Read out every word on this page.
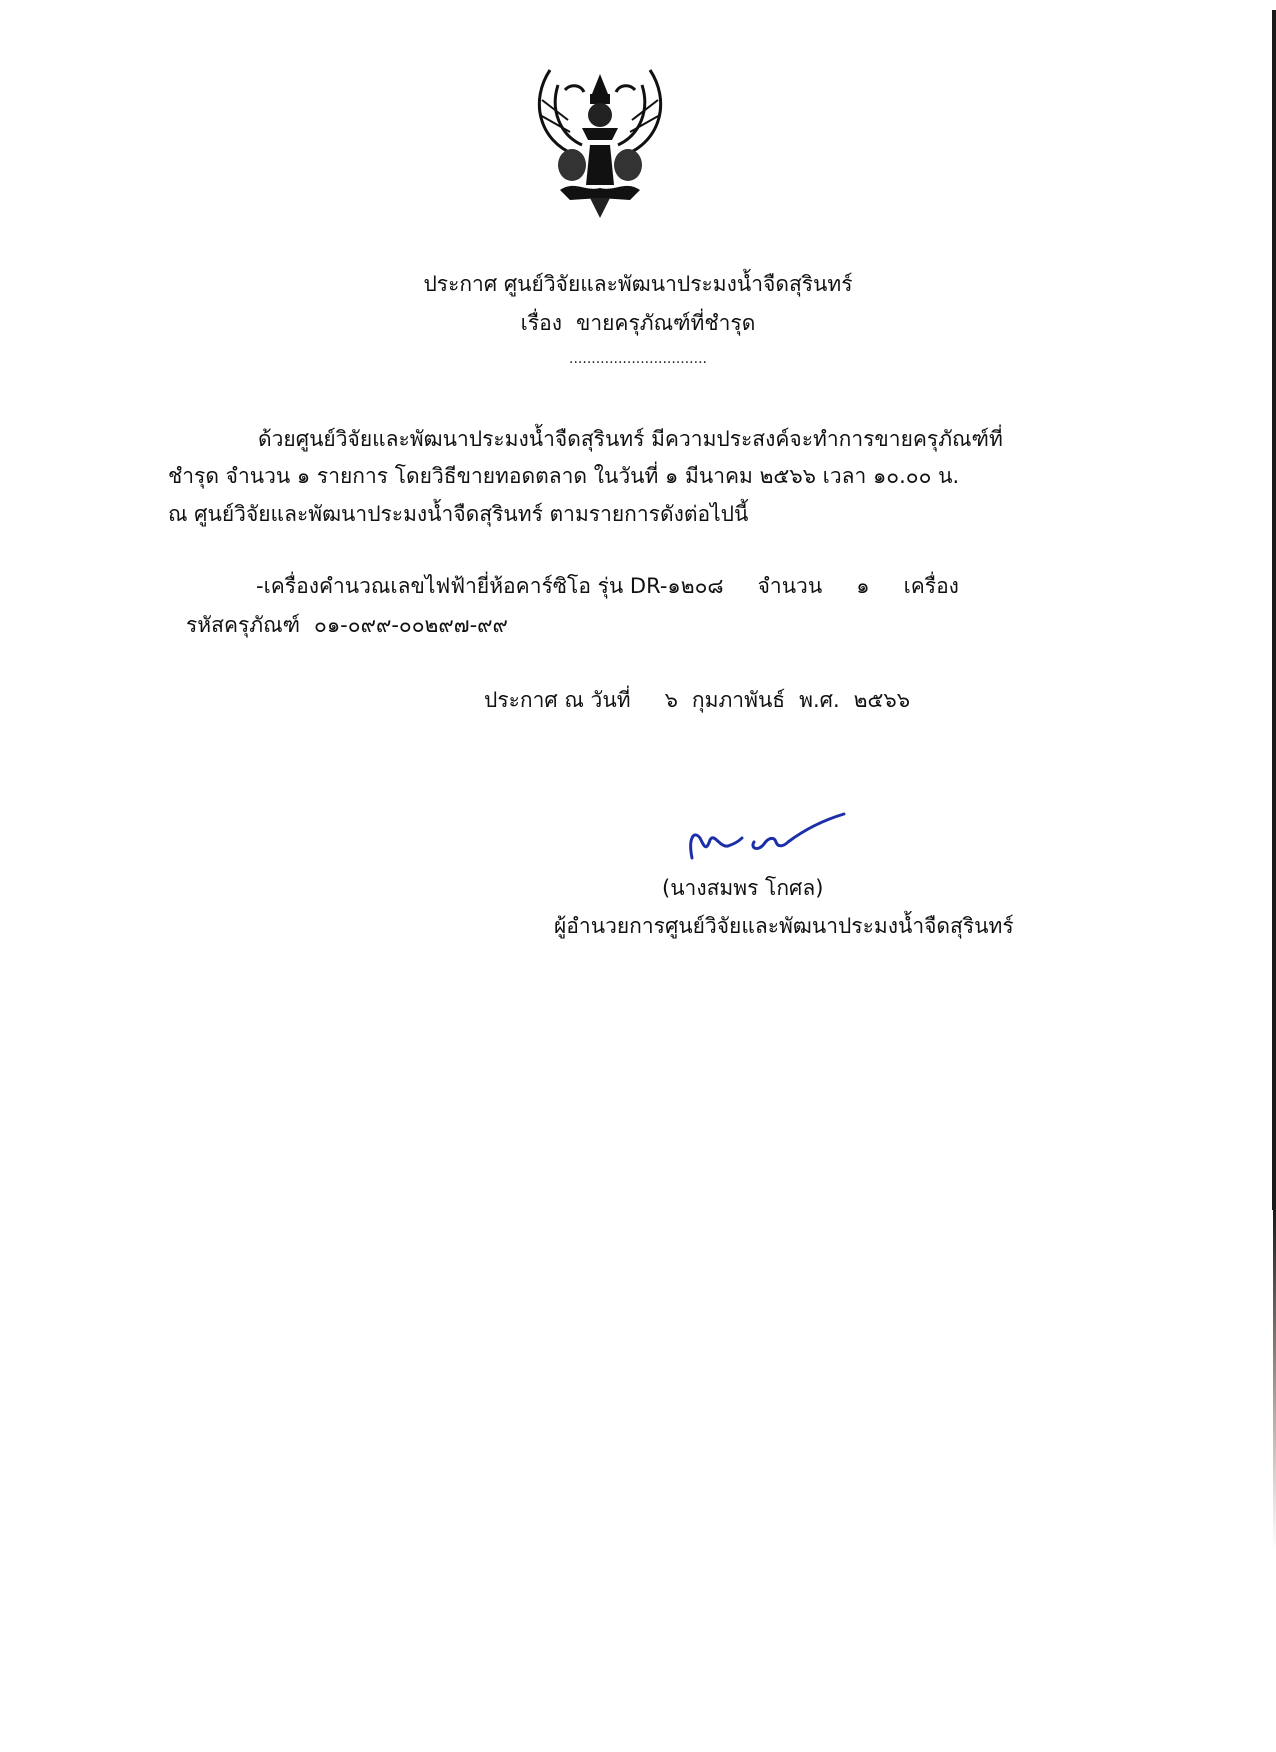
ประกาศ ศูนย์วิจัยและพัฒนาประมงน้ำจืดสุรินทร์
เรื่อง ขายครุภัณฑ์ที่ชำรุด
...............................
ด้วยศูนย์วิจัยและพัฒนาประมงน้ำจืดสุรินทร์ มีความประสงค์จะทำการขายครุภัณฑ์ที่
ชำรุด จำนวน ๑ รายการ โดยวิธีขายทอดตลาด ในวันที่ ๑ มีนาคม ๒๕๖๖ เวลา ๑๐.๐๐ น.
ณ ศูนย์วิจัยและพัฒนาประมงน้ำจืดสุรินทร์ ตามรายการดังต่อไปนี้
-เครื่องคำนวณเลขไฟฟ้ายี่ห้อคาร์ซิโอ รุ่น DR-๑๒๐๘ จำนวน ๑ เครื่อง
รหัสครุภัณฑ์ ๐๑-๐๙๙-๐๐๒๙๗-๙๙
ประกาศ ณ วันที่ ๖ กุมภาพันธ์ พ.ศ. ๒๕๖๖
(นางสมพร โกศล)
ผู้อำนวยการศูนย์วิจัยและพัฒนาประมงน้ำจืดสุรินทร์
